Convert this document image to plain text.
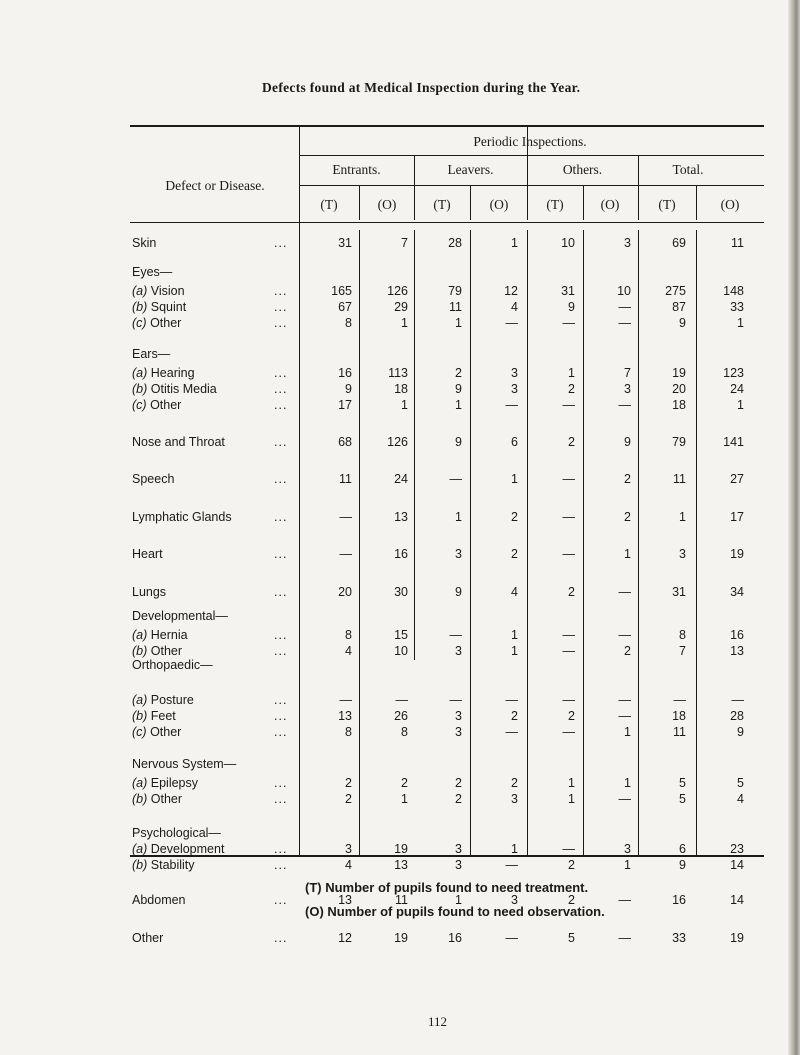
Defects found at Medical Inspection during the Year.
Periodic Inspections.
Defect or Disease.
Entrants.	Leavers.	Others.	Total.
(T)	(O)	(T)	(O)	(T)	(O)	(T)	(O)
Skin	...	31	7	28	1	10	3	69	11
Eyes—
(a) Vision	...	165	126	79	12	31	10	275	148
(b) Squint	...	67	29	11	4	9	—	87	33
(c) Other	...	8	1	1	—	—	—	9	1
Ears—
(a) Hearing	...	16	113	2	3	1	7	19	123
(b) Otitis Media	...	9	18	9	3	2	3	20	24
(c) Other	...	17	1	1	—	—	—	18	1
Nose and Throat	...	68	126	9	6	2	9	79	141
Speech	...	11	24	—	1	—	2	11	27
Lymphatic Glands	...	—	13	1	2	—	2	1	17
Heart	...	—	16	3	2	—	1	3	19
Lungs	...	20	30	9	4	2	—	31	34
Developmental—
(a) Hernia	...	8	15	—	1	—	—	8	16
(b) Other	...	4	10	3	1	—	2	7	13
Orthopaedic—
(a) Posture	...	—	—	—	—	—	—	—	—
(b) Feet	...	13	26	3	2	2	—	18	28
(c) Other	...	8	8	3	—	—	1	11	9
Nervous System—
(a) Epilepsy	...	2	2	2	2	1	1	5	5
(b) Other	...	2	1	2	3	1	—	5	4
Psychological—
(a) Development	...	3	19	3	1	—	3	6	23
(b) Stability	...	4	13	3	—	2	1	9	14
Abdomen	...	13	11	1	3	2	—	16	14
Other	...	12	19	16	—	5	—	33	19
(T) Number of pupils found to need treatment.
(O) Number of pupils found to need observation.
112
